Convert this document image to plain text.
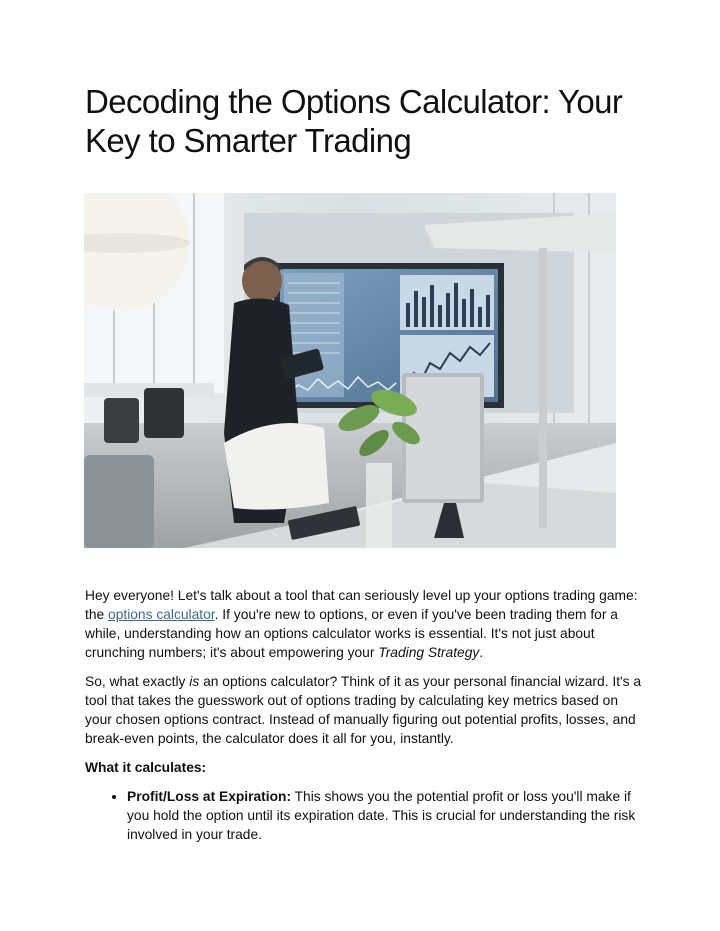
Decoding the Options Calculator: Your Key to Smarter Trading

Hey everyone! Let's talk about a tool that can seriously level up your options trading game: the options calculator. If you're new to options, or even if you've been trading them for a while, understanding how an options calculator works is essential. It's not just about crunching numbers; it's about empowering your Trading Strategy.

So, what exactly is an options calculator? Think of it as your personal financial wizard. It's a tool that takes the guesswork out of options trading by calculating key metrics based on your chosen options contract. Instead of manually figuring out potential profits, losses, and break-even points, the calculator does it all for you, instantly.

What it calculates:

• Profit/Loss at Expiration: This shows you the potential profit or loss you'll make if you hold the option until its expiration date. This is crucial for understanding the risk involved in your trade.
